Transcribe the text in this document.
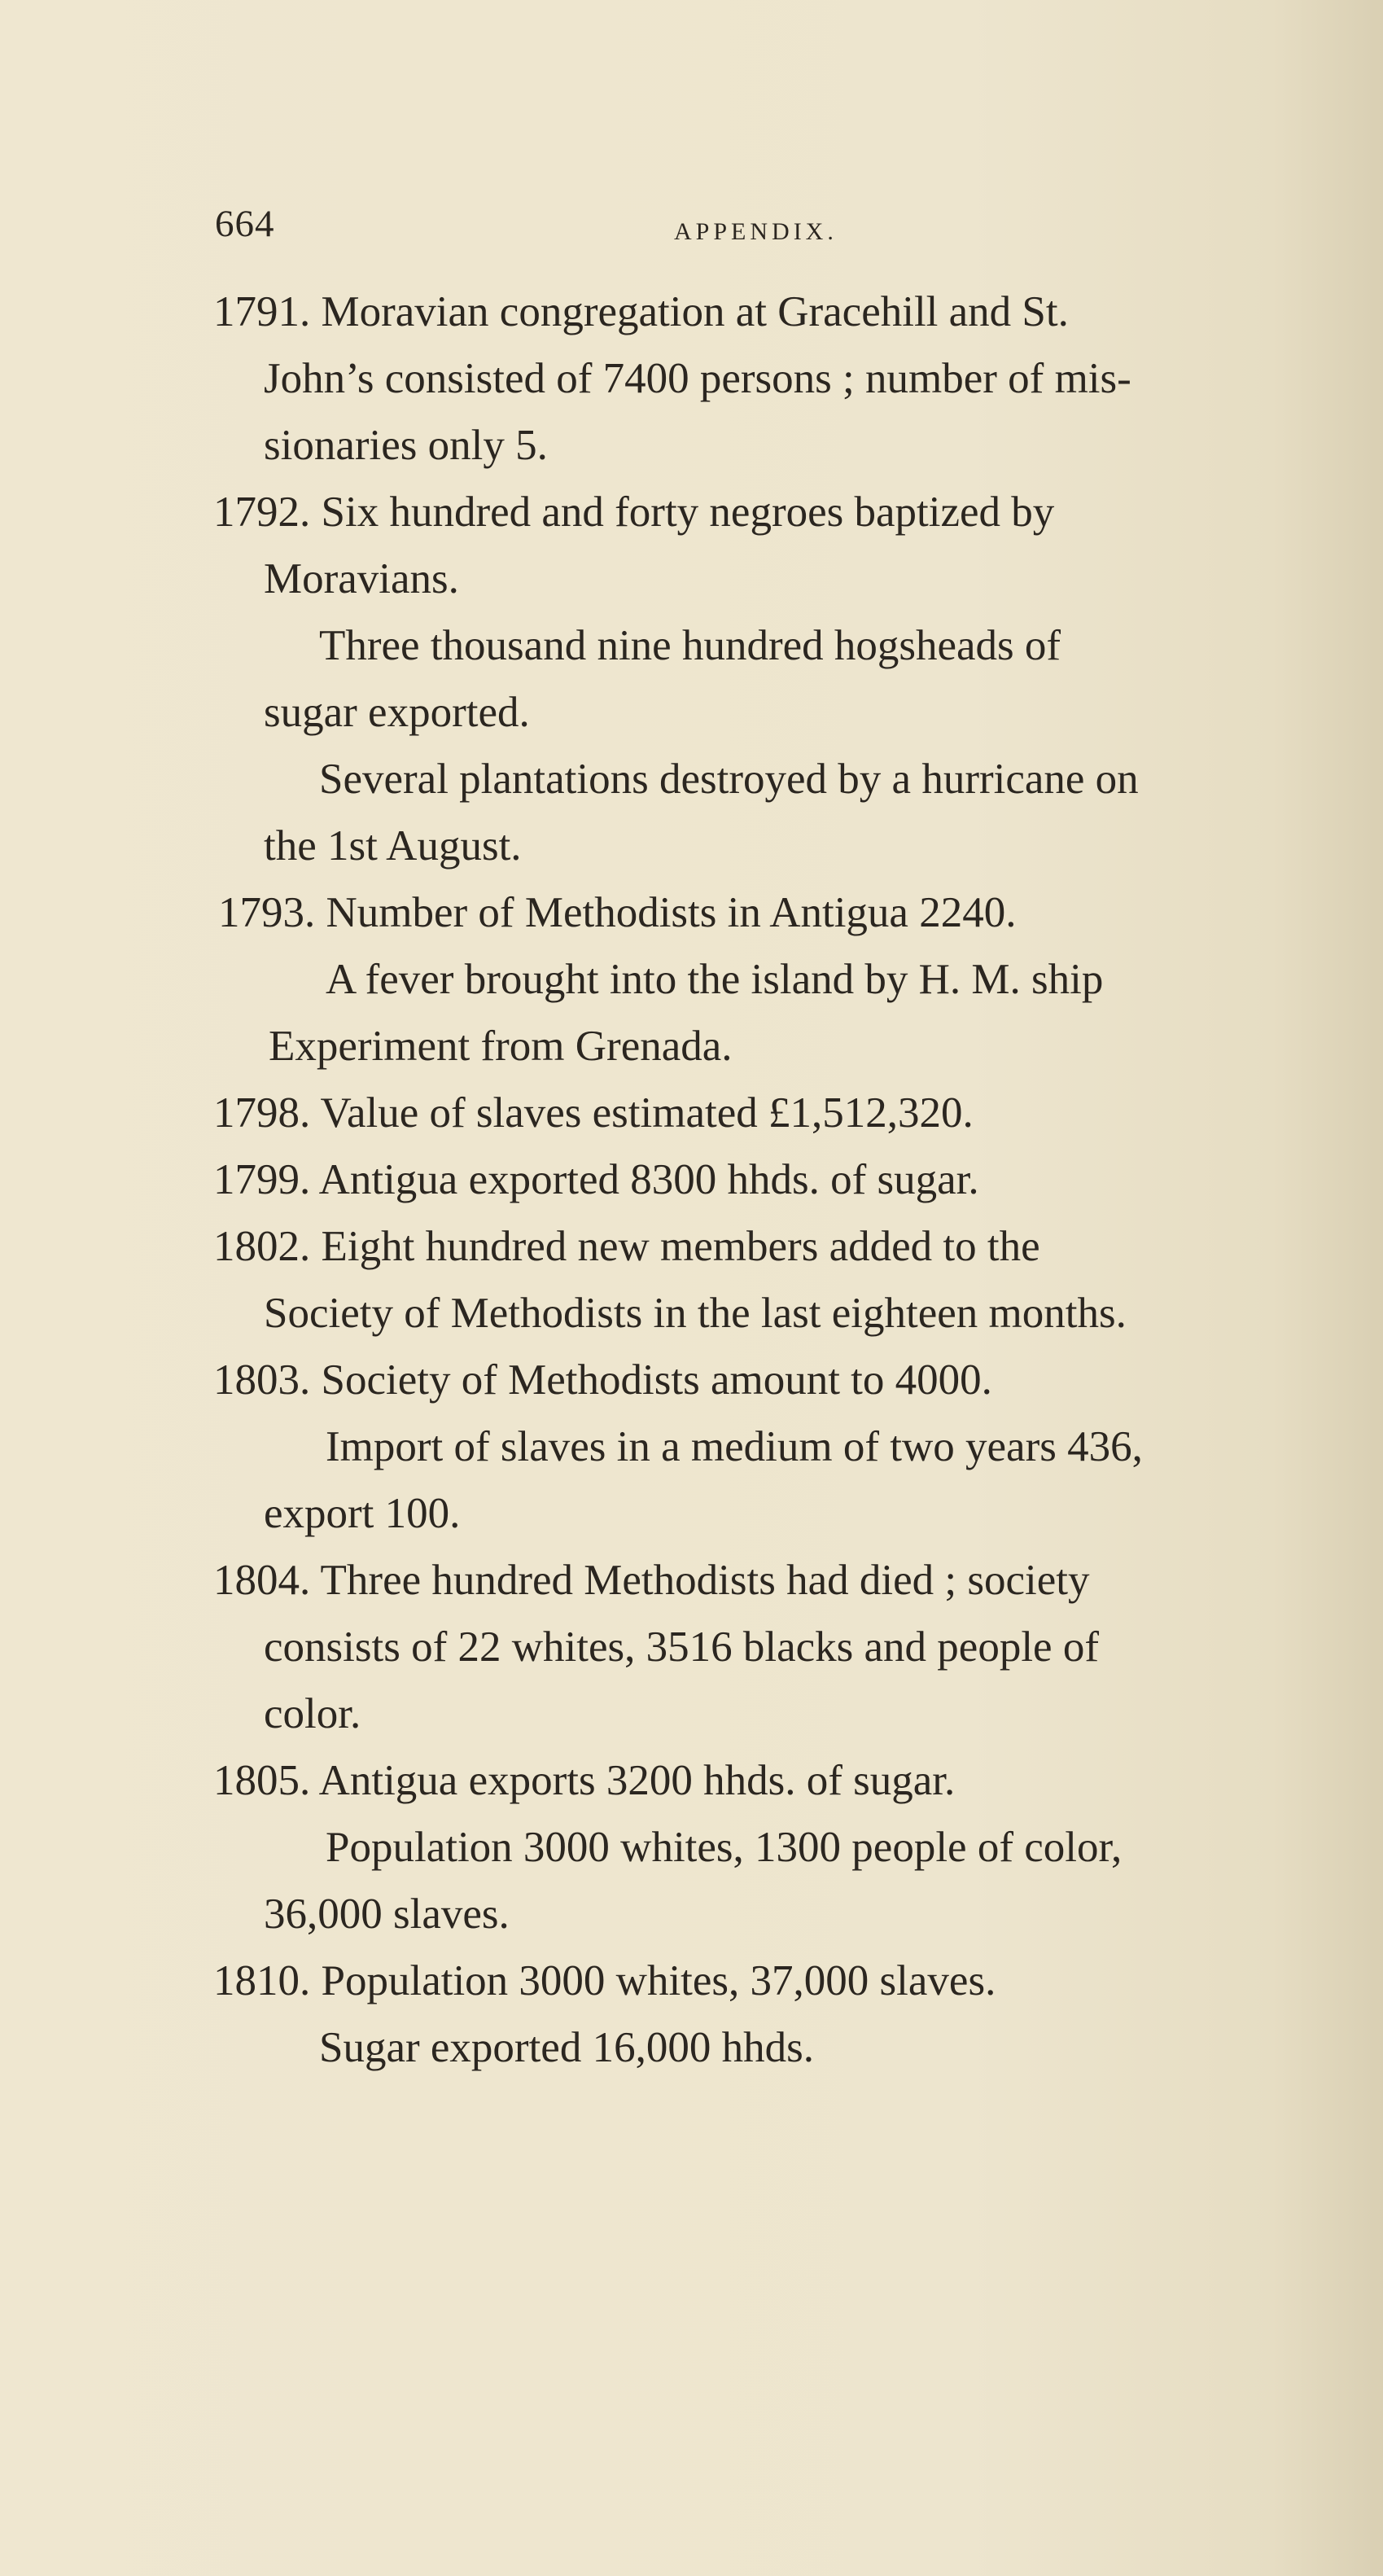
664	APPENDIX.
1791. Moravian congregation at Gracehill and St.
John’s consisted of 7400 persons ; number of mis-
sionaries only 5.
1792. Six hundred and forty negroes baptized by
Moravians.
Three thousand nine hundred hogsheads of
sugar exported.
Several plantations destroyed by a hurricane on
the 1st August.
1793. Number of Methodists in Antigua 2240.
A fever brought into the island by H. M. ship
Experiment from Grenada.
1798. Value of slaves estimated £1,512,320.
1799. Antigua exported 8300 hhds. of sugar.
1802. Eight hundred new members added to the
Society of Methodists in the last eighteen months.
1803. Society of Methodists amount to 4000.
Import of slaves in a medium of two years 436,
export 100.
1804. Three hundred Methodists had died ; society
consists of 22 whites, 3516 blacks and people of
color.
1805. Antigua exports 3200 hhds. of sugar.
Population 3000 whites, 1300 people of color,
36,000 slaves.
1810. Population 3000 whites, 37,000 slaves.
Sugar exported 16,000 hhds.
